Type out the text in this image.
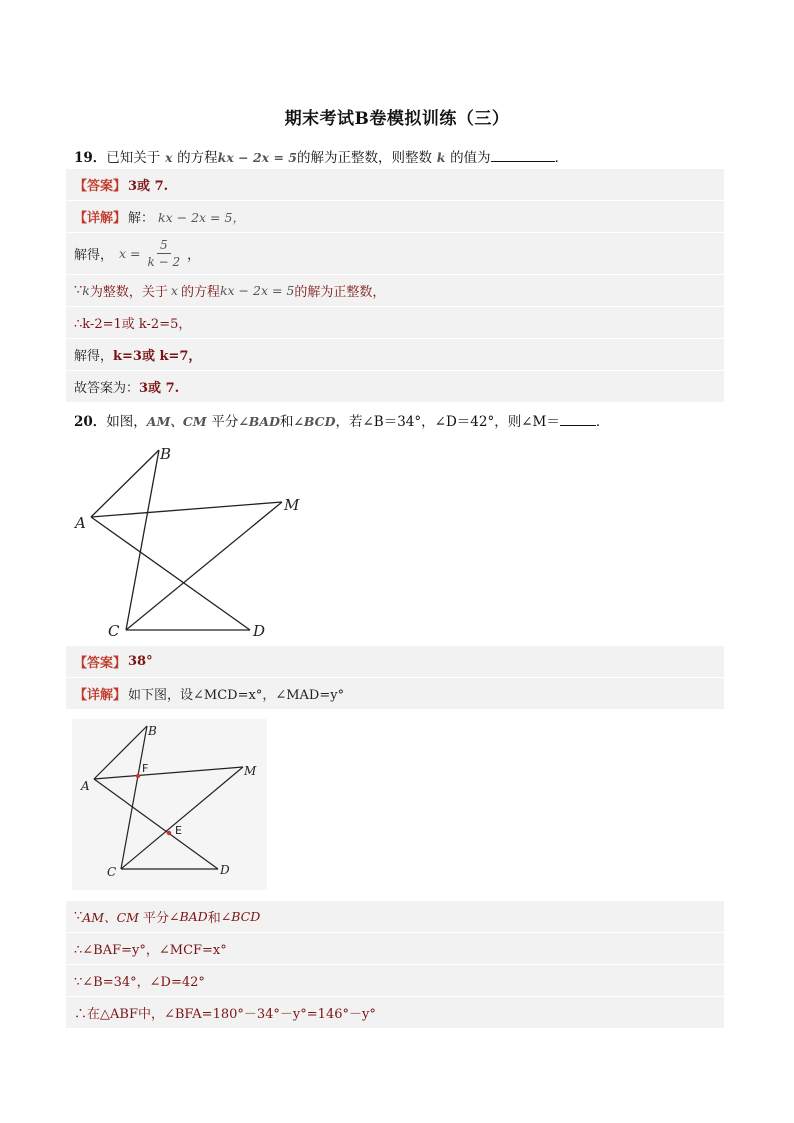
期末考试B卷模拟训练（三）
19．已知关于 x 的方程kx − 2x = 5的解为正整数，则整数 k 的值为	．
【答案】 3或 7.
【详解】 解： kx − 2x = 5，
解得， $x = \frac{5}{k - 2}$ ，
∵ k 为整数，关于 x 的方程 kx − 2x = 5 的解为正整数，
∴k-2=1或 k-2=5，
解得， k=3或 k=7，
故答案为： 3或 7.
20．如图，AM、CM 平分∠BAD和∠BCD，若∠B＝34°，∠D＝42°，则∠M＝	．
A
B
C	D
M
【答案】 38°
【详解】 如下图，设∠MCD=x°，∠MAD=y°
A
B
C	D
M
E
F
∵ AM、CM 平分 ∠BAD 和 ∠BCD
∴∠BAF=y°，∠MCF=x°
∵∠B=34°，∠D=42°
∴在△ABF中，∠BFA=180°－34°－y°=146°－y°
